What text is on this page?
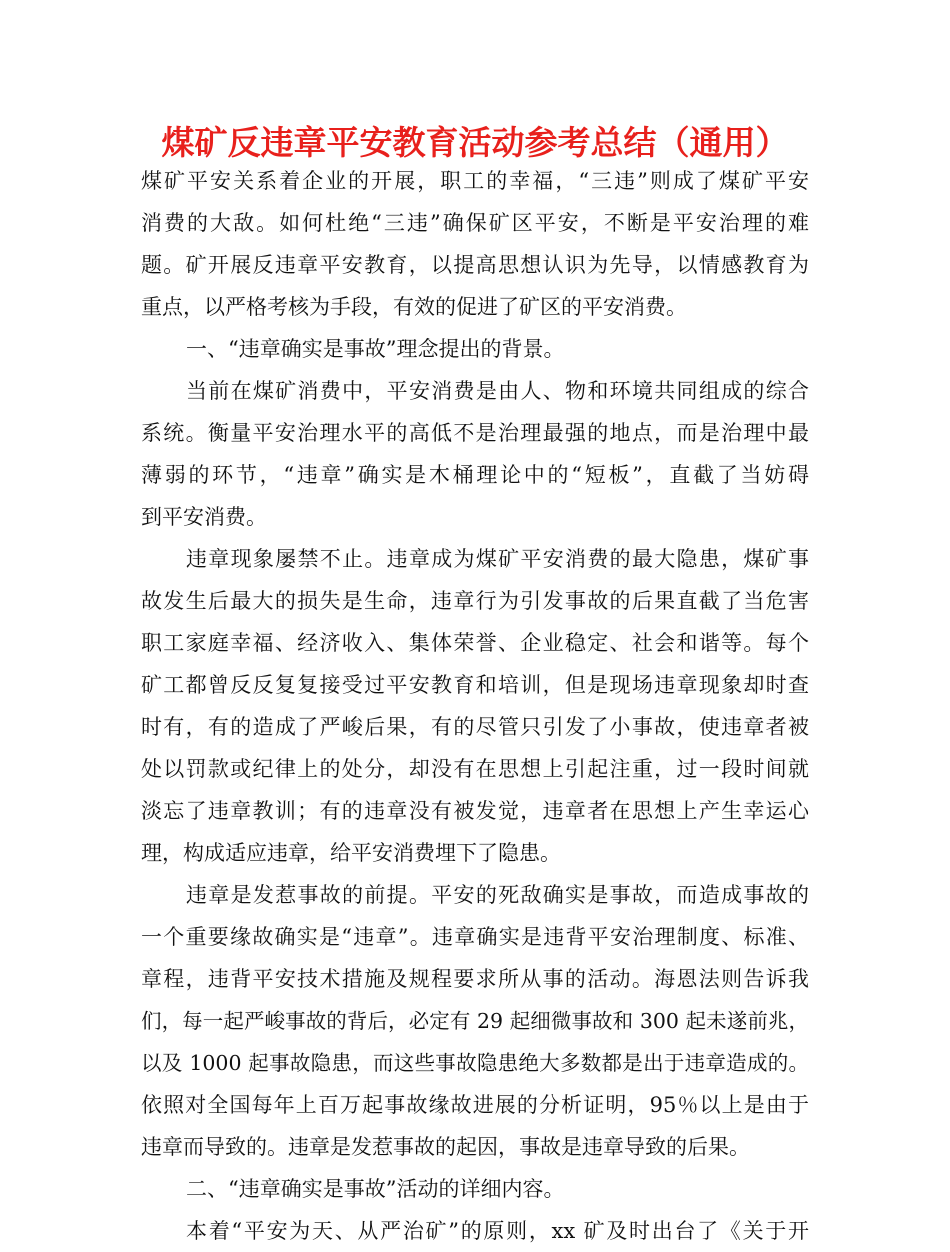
煤矿反违章平安教育活动参考总结（通用）
煤矿平安关系着企业的开展，职工的幸福，“三违”则成了煤矿平安
消费的大敌。如何杜绝“三违”确保矿区平安，不断是平安治理的难
题。矿开展反违章平安教育，以提高思想认识为先导，以情感教育为
重点，以严格考核为手段，有效的促进了矿区的平安消费。
一、“违章确实是事故”理念提出的背景。
当前在煤矿消费中，平安消费是由人、物和环境共同组成的综合
系统。衡量平安治理水平的高低不是治理最强的地点，而是治理中最
薄弱的环节，“违章”确实是木桶理论中的“短板”，直截了当妨碍
到平安消费。
违章现象屡禁不止。违章成为煤矿平安消费的最大隐患，煤矿事
故发生后最大的损失是生命，违章行为引发事故的后果直截了当危害
职工家庭幸福、经济收入、集体荣誉、企业稳定、社会和谐等。每个
矿工都曾反反复复接受过平安教育和培训，但是现场违章现象却时查
时有，有的造成了严峻后果，有的尽管只引发了小事故，使违章者被
处以罚款或纪律上的处分，却没有在思想上引起注重，过一段时间就
淡忘了违章教训；有的违章没有被发觉，违章者在思想上产生幸运心
理，构成适应违章，给平安消费埋下了隐患。
违章是发惹事故的前提。平安的死敌确实是事故，而造成事故的
一个重要缘故确实是“违章”。违章确实是违背平安治理制度、标准、
章程，违背平安技术措施及规程要求所从事的活动。海恩法则告诉我
们，每一起严峻事故的背后，必定有 29 起细微事故和 300 起未遂前兆，
以及 1000 起事故隐患，而这些事故隐患绝大多数都是出于违章造成的。
依照对全国每年上百万起事故缘故进展的分析证明，95％以上是由于
违章而导致的。违章是发惹事故的起因，事故是违章导致的后果。
二、“违章确实是事故”活动的详细内容。
本着“平安为天、从严治矿”的原则，xx 矿及时出台了《关于开
